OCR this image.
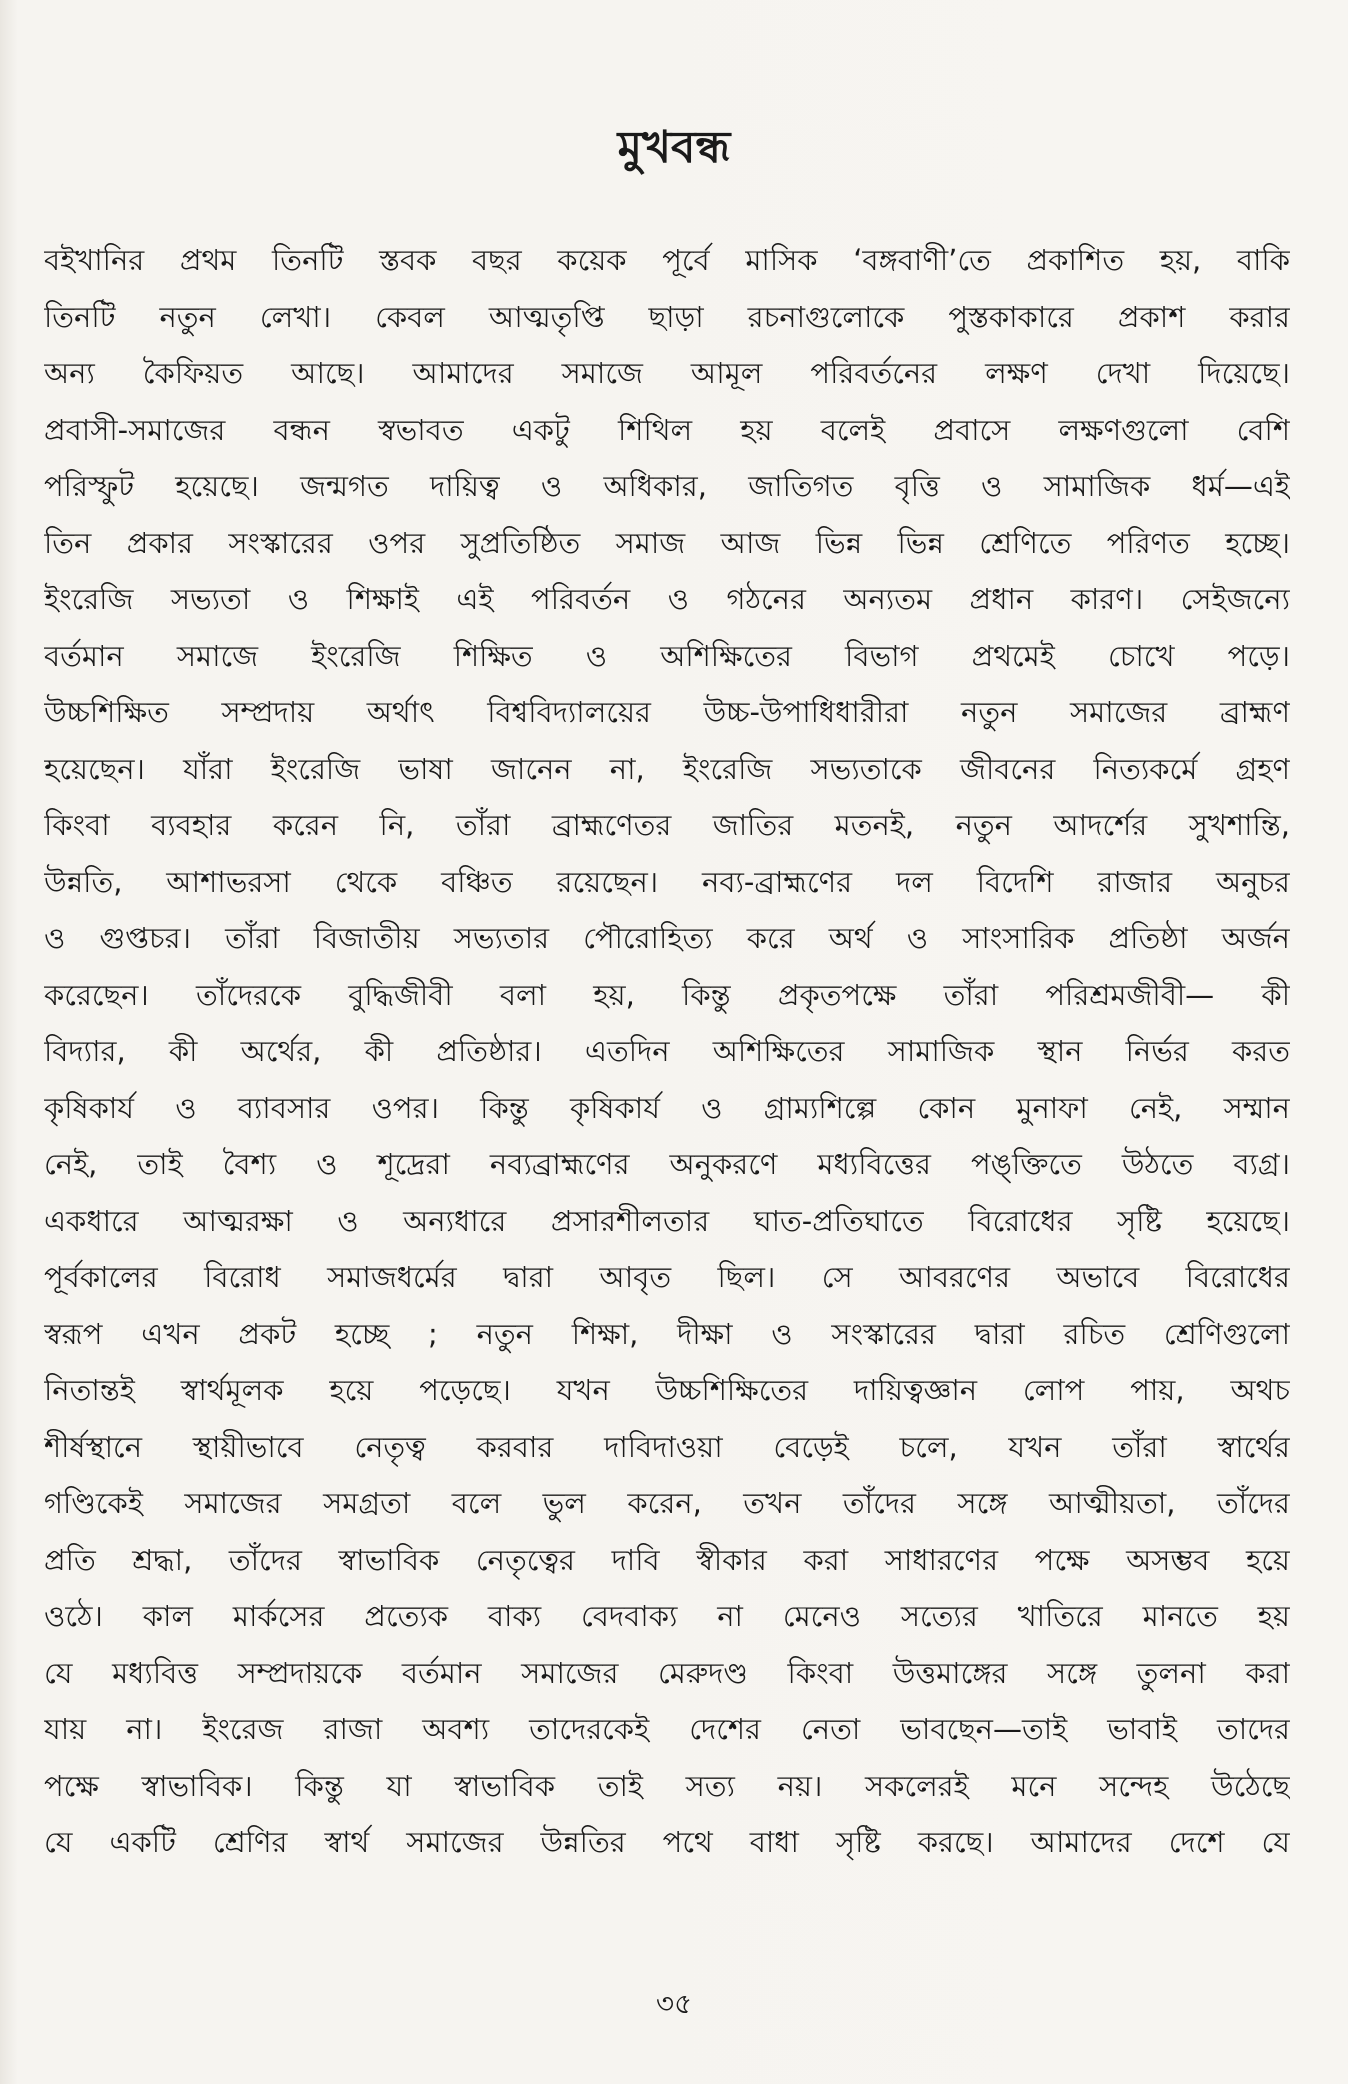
মুখবন্ধ
বইখানির প্রথম তিনটি স্তবক বছর কয়েক পূর্বে মাসিক ‘বঙ্গবাণী’তে প্রকাশিত হয়, বাকি
তিনটি নতুন লেখা। কেবল আত্মতৃপ্তি ছাড়া রচনাগুলোকে পুস্তকাকারে প্রকাশ করার
অন্য কৈফিয়ত আছে। আমাদের সমাজে আমূল পরিবর্তনের লক্ষণ দেখা দিয়েছে।
প্রবাসী-সমাজের বন্ধন স্বভাবত একটু শিথিল হয় বলেই প্রবাসে লক্ষণগুলো বেশি
পরিস্ফুট হয়েছে। জন্মগত দায়িত্ব ও অধিকার, জাতিগত বৃত্তি ও সামাজিক ধর্ম—এই
তিন প্রকার সংস্কারের ওপর সুপ্রতিষ্ঠিত সমাজ আজ ভিন্ন ভিন্ন শ্রেণিতে পরিণত হচ্ছে।
ইংরেজি সভ্যতা ও শিক্ষাই এই পরিবর্তন ও গঠনের অন্যতম প্রধান কারণ। সেইজন্যে
বর্তমান সমাজে ইংরেজি শিক্ষিত ও অশিক্ষিতের বিভাগ প্রথমেই চোখে পড়ে।
উচ্চশিক্ষিত সম্প্রদায় অর্থাৎ বিশ্ববিদ্যালয়ের উচ্চ-উপাধিধারীরা নতুন সমাজের ব্রাহ্মণ
হয়েছেন। যাঁরা ইংরেজি ভাষা জানেন না, ইংরেজি সভ্যতাকে জীবনের নিত্যকর্মে গ্রহণ
কিংবা ব্যবহার করেন নি, তাঁরা ব্রাহ্মণেতর জাতির মতনই, নতুন আদর্শের সুখশান্তি,
উন্নতি, আশাভরসা থেকে বঞ্চিত রয়েছেন। নব্য-ব্রাহ্মণের দল বিদেশি রাজার অনুচর
ও গুপ্তচর। তাঁরা বিজাতীয় সভ্যতার পৌরোহিত্য করে অর্থ ও সাংসারিক প্রতিষ্ঠা অর্জন
করেছেন। তাঁদেরকে বুদ্ধিজীবী বলা হয়, কিন্তু প্রকৃতপক্ষে তাঁরা পরিশ্রমজীবী— কী
বিদ্যার, কী অর্থের, কী প্রতিষ্ঠার। এতদিন অশিক্ষিতের সামাজিক স্থান নির্ভর করত
কৃষিকার্য ও ব্যাবসার ওপর। কিন্তু কৃষিকার্য ও গ্রাম্যশিল্পে কোন মুনাফা নেই, সম্মান
নেই, তাই বৈশ্য ও শূদ্রেরা নব্যব্রাহ্মণের অনুকরণে মধ্যবিত্তের পঙ্‌ক্তিতে উঠতে ব্যগ্র।
একধারে আত্মরক্ষা ও অন্যধারে প্রসারশীলতার ঘাত-প্রতিঘাতে বিরোধের সৃষ্টি হয়েছে।
পূর্বকালের বিরোধ সমাজধর্মের দ্বারা আবৃত ছিল। সে আবরণের অভাবে বিরোধের
স্বরূপ এখন প্রকট হচ্ছে ; নতুন শিক্ষা, দীক্ষা ও সংস্কারের দ্বারা রচিত শ্রেণিগুলো
নিতান্তই স্বার্থমূলক হয়ে পড়েছে। যখন উচ্চশিক্ষিতের দায়িত্বজ্ঞান লোপ পায়, অথচ
শীর্ষস্থানে স্থায়ীভাবে নেতৃত্ব করবার দাবিদাওয়া বেড়েই চলে, যখন তাঁরা স্বার্থের
গণ্ডিকেই সমাজের সমগ্রতা বলে ভুল করেন, তখন তাঁদের সঙ্গে আত্মীয়তা, তাঁদের
প্রতি শ্রদ্ধা, তাঁদের স্বাভাবিক নেতৃত্বের দাবি স্বীকার করা সাধারণের পক্ষে অসম্ভব হয়ে
ওঠে। কাল মার্কসের প্রত্যেক বাক্য বেদবাক্য না মেনেও সত্যের খাতিরে মানতে হয়
যে মধ্যবিত্ত সম্প্রদায়কে বর্তমান সমাজের মেরুদণ্ড কিংবা উত্তমাঙ্গের সঙ্গে তুলনা করা
যায় না। ইংরেজ রাজা অবশ্য তাদেরকেই দেশের নেতা ভাবছেন—তাই ভাবাই তাদের
পক্ষে স্বাভাবিক। কিন্তু যা স্বাভাবিক তাই সত্য নয়। সকলেরই মনে সন্দেহ উঠেছে
যে একটি শ্রেণির স্বার্থ সমাজের উন্নতির পথে বাধা সৃষ্টি করছে। আমাদের দেশে যে
৩৫
